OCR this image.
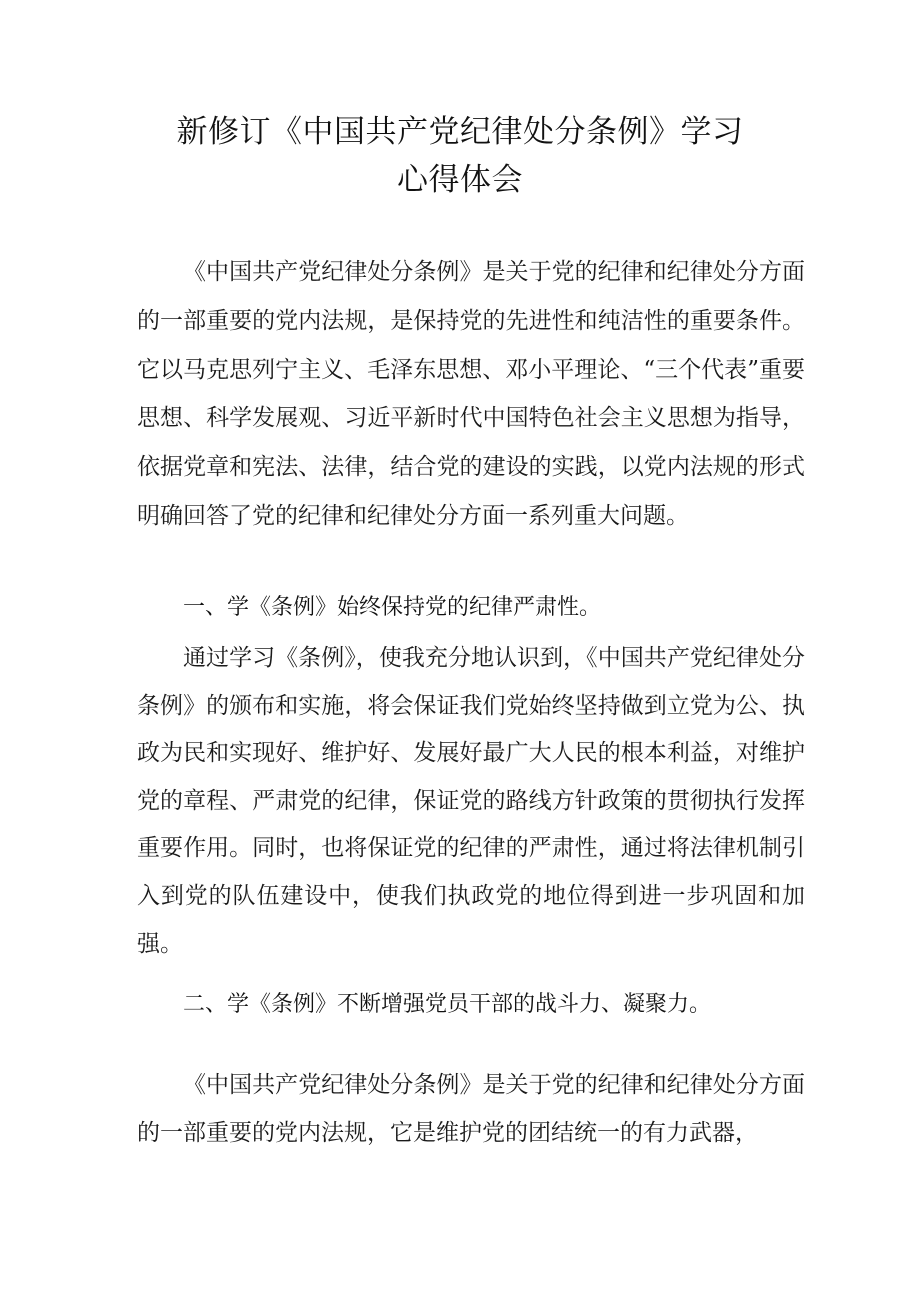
新修订《中国共产党纪律处分条例》学习
心得体会
《中国共产党纪律处分条例》是关于党的纪律和纪律处分方面的一部重要的党内法规，是保持党的先进性和纯洁性的重要条件。它以马克思列宁主义、毛泽东思想、邓小平理论、“三个代表”重要思想、科学发展观、习近平新时代中国特色社会主义思想为指导，依据党章和宪法、法律，结合党的建设的实践，以党内法规的形式明确回答了党的纪律和纪律处分方面一系列重大问题。
一、学《条例》始终保持党的纪律严肃性。
通过学习《条例》，使我充分地认识到，《中国共产党纪律处分条例》的颁布和实施，将会保证我们党始终坚持做到立党为公、执政为民和实现好、维护好、发展好最广大人民的根本利益，对维护党的章程、严肃党的纪律，保证党的路线方针政策的贯彻执行发挥重要作用。同时，也将保证党的纪律的严肃性，通过将法律机制引入到党的队伍建设中，使我们执政党的地位得到进一步巩固和加强。
二、学《条例》不断增强党员干部的战斗力、凝聚力。
《中国共产党纪律处分条例》是关于党的纪律和纪律处分方面的一部重要的党内法规，它是维护党的团结统一的有力武器，
